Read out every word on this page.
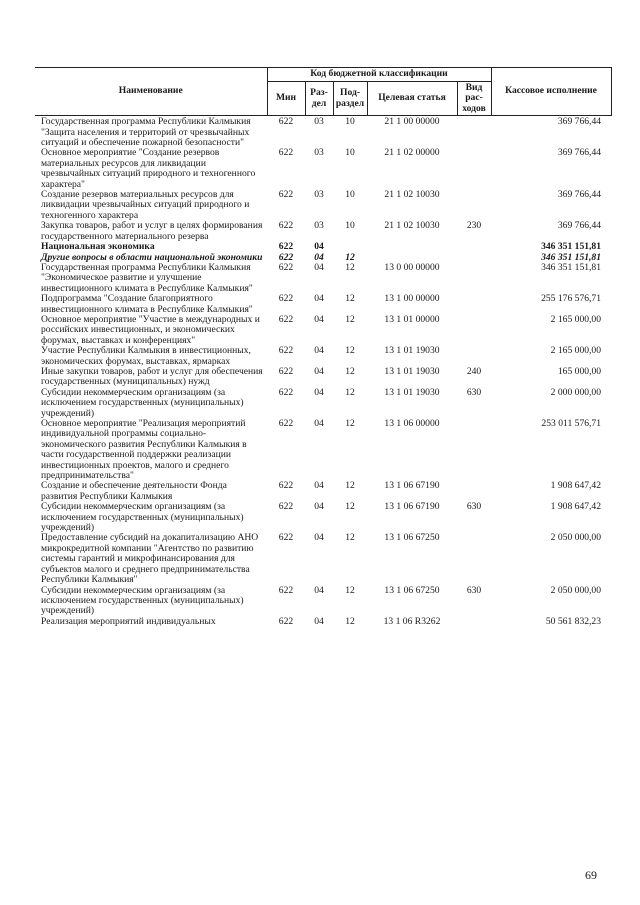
Наименование	Код бюджетной классификации					Кассовое исполнение
	Мин	Раз-дел	Под-раздел	Целевая статья	Вид рас-ходов	
Государственная программа Республики Калмыкия "Защита населения и территорий от чрезвычайных ситуаций и обеспечение пожарной безопасности"	622	03	10	21 1 00 00000		369 766,44
Основное мероприятие "Создание резервов материальных ресурсов для ликвидации чрезвычайных ситуаций природного и техногенного характера"	622	03	10	21 1 02 00000		369 766,44
Создание резервов материальных ресурсов для ликвидации чрезвычайных ситуаций природного и техногенного характера	622	03	10	21 1 02 10030		369 766,44
Закупка товаров, работ и услуг в целях формирования государственного материального резерва	622	03	10	21 1 02 10030	230	369 766,44
Национальная экономика	622	04				346 351 151,81
Другие вопросы в области национальной экономики	622	04	12			346 351 151,81
Государственная программа Республики Калмыкия "Экономическое развитие и улучшение инвестиционного климата в Республике Калмыкия"	622	04	12	13 0 00 00000		346 351 151,81
Подпрограмма "Создание благоприятного инвестиционного климата в Республике Калмыкия"	622	04	12	13 1 00 00000		255 176 576,71
Основное мероприятие "Участие в международных и российских инвестиционных, и экономических форумах, выставках и конференциях"	622	04	12	13 1 01 00000		2 165 000,00
Участие Республики Калмыкия в инвестиционных, экономических форумах, выставках, ярмарках	622	04	12	13 1 01 19030		2 165 000,00
Иные закупки товаров, работ и услуг для обеспечения государственных (муниципальных) нужд	622	04	12	13 1 01 19030	240	165 000,00
Субсидии некоммерческим организациям (за исключением государственных (муниципальных) учреждений)	622	04	12	13 1 01 19030	630	2 000 000,00
Основное мероприятие "Реализация мероприятий индивидуальной программы социально-экономического развития Республики Калмыкия в части государственной поддержки реализации инвестиционных проектов, малого и среднего предпринимательства"	622	04	12	13 1 06 00000		253 011 576,71
Создание и обеспечение деятельности Фонда развития Республики Калмыкия	622	04	12	13 1 06 67190		1 908 647,42
Субсидии некоммерческим организациям (за исключением государственных (муниципальных) учреждений)	622	04	12	13 1 06 67190	630	1 908 647,42
Предоставление субсидий на докапитализацию АНО микрокредитной компании "Агентство по развитию системы гарантий и микрофинансирования для субъектов малого и среднего предпринимательства Республики Калмыкия"	622	04	12	13 1 06 67250		2 050 000,00
Субсидии некоммерческим организациям (за исключением государственных (муниципальных) учреждений)	622	04	12	13 1 06 67250	630	2 050 000,00
Реализация мероприятий индивидуальных	622	04	12	13 1 06 R3262		50 561 832,23
69
